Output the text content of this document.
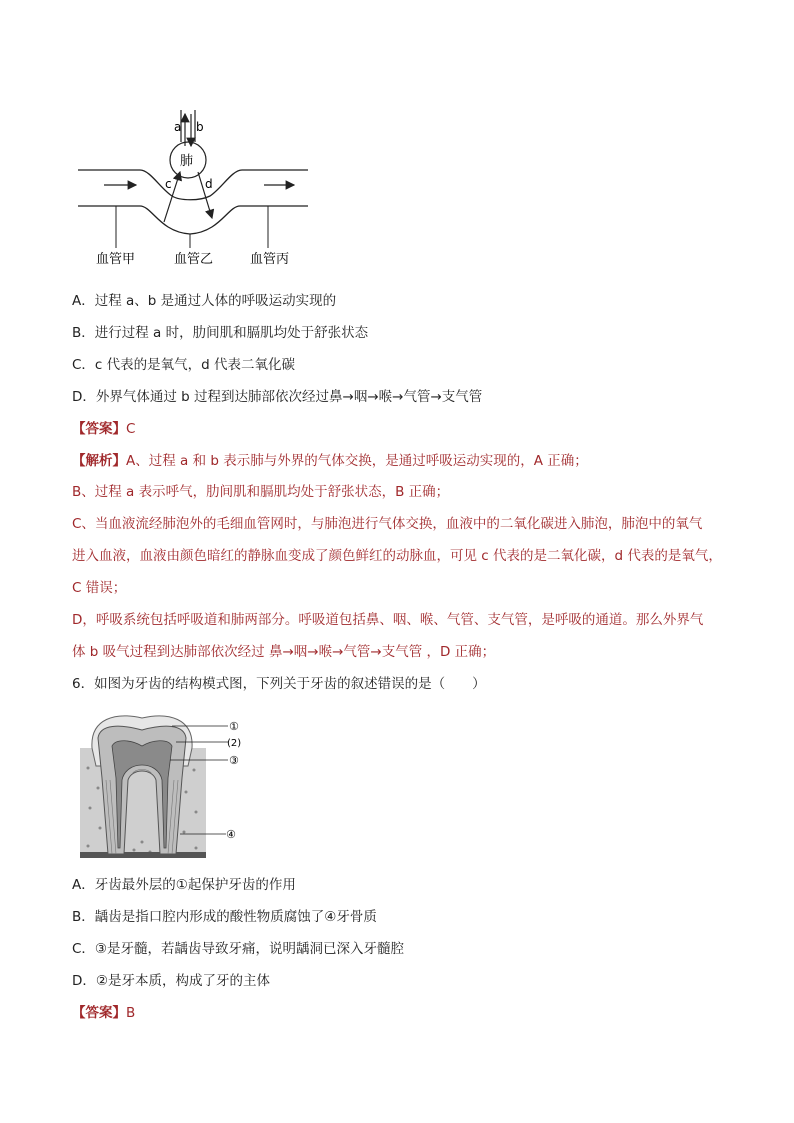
a b
肺
c	d
血管甲	血管乙	血管丙
A．过程 a、b 是通过人体的呼吸运动实现的
B．进行过程 a 时，肋间肌和膈肌均处于舒张状态
C．c 代表的是氧气，d 代表二氧化碳
D．外界气体通过 b 过程到达肺部依次经过鼻→咽→喉→气管→支气管
【答案】C
【解析】A、过程 a 和 b 表示肺与外界的气体交换，是通过呼吸运动实现的，A 正确；
B、过程 a 表示呼气，肋间肌和膈肌均处于舒张状态，B 正确；
C、当血液流经肺泡外的毛细血管网时，与肺泡进行气体交换，血液中的二氧化碳进入肺泡，肺泡中的氧气
进入血液，血液由颜色暗红的静脉血变成了颜色鲜红的动脉血，可见 c 代表的是二氧化碳，d 代表的是氧气，
C 错误；
D，呼吸系统包括呼吸道和肺两部分。呼吸道包括鼻、咽、喉、气管、支气管，是呼吸的通道。那么外界气
体 b 吸气过程到达肺部依次经过 鼻→咽→喉→气管→支气管 ，D 正确；
6．如图为牙齿的结构模式图，下列关于牙齿的叙述错误的是（　　）
①
(2)
③
④
A．牙齿最外层的①起保护牙齿的作用
B．龋齿是指口腔内形成的酸性物质腐蚀了④牙骨质
C．③是牙髓，若龋齿导致牙痛，说明龋洞已深入牙髓腔
D．②是牙本质，构成了牙的主体
【答案】B
